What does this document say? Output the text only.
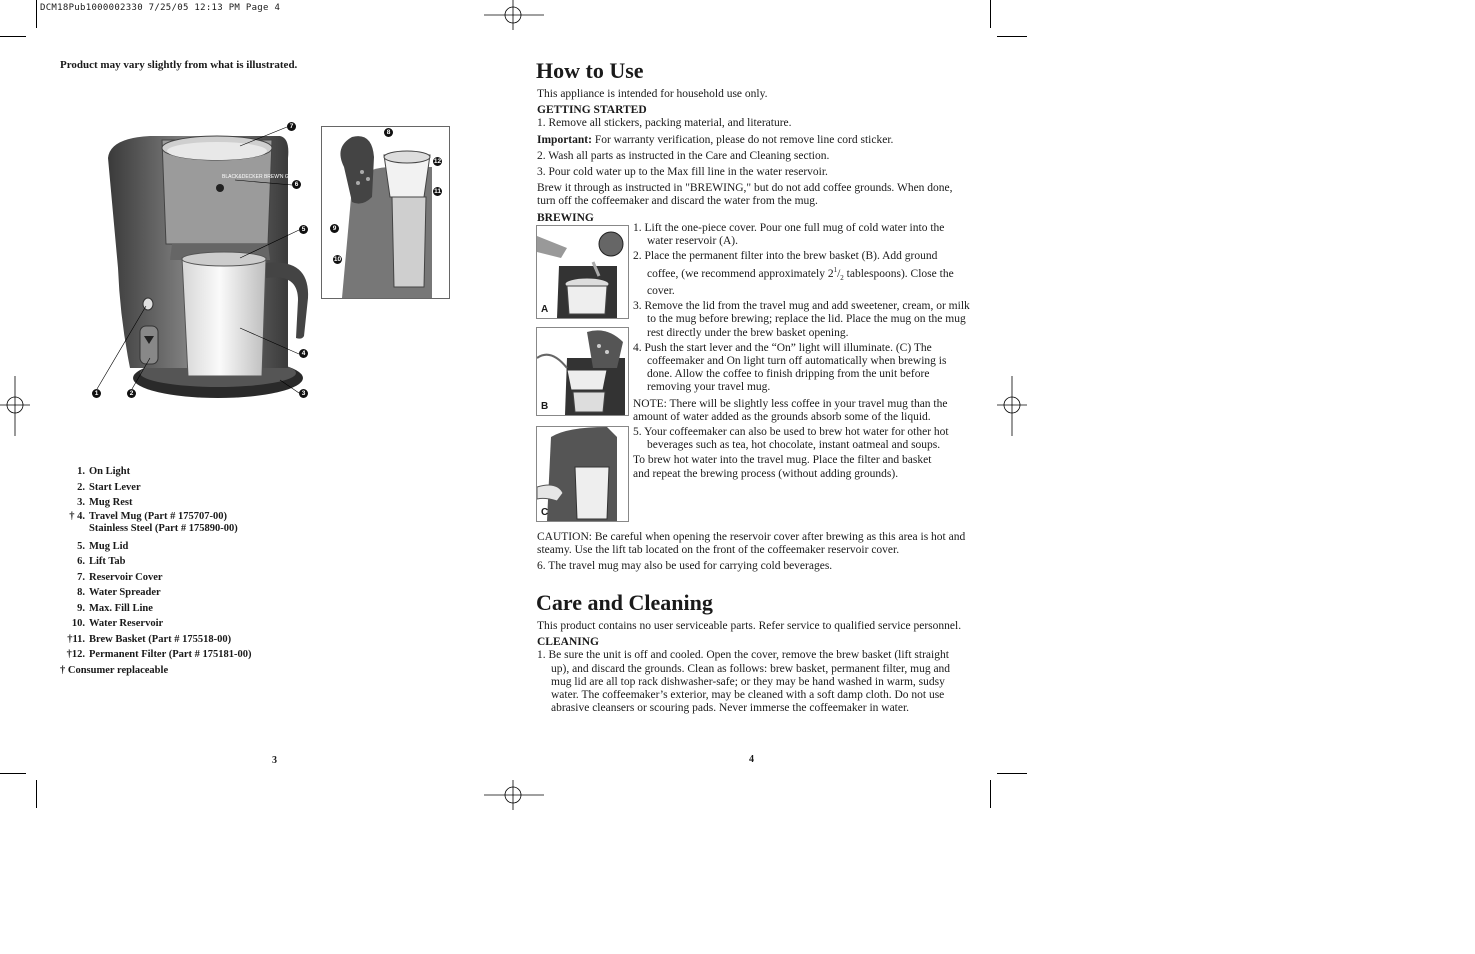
DCM18Pub1000002330 7/25/05 12:13 PM Page 4
Product may vary slightly from what is illustrated.
BLACK&DECKER BREW'N GO
7
6
5
4
3
1	2
8
12
11
9
10
1. On Light
2. Start Lever
3. Mug Rest
† 4. Travel Mug (Part # 175707-00)
Stainless Steel (Part # 175890-00)
5. Mug Lid
6. Lift Tab
7. Reservoir Cover
8. Water Spreader
9. Max. Fill Line
10. Water Reservoir
†11. Brew Basket (Part # 175518-00)
†12. Permanent Filter (Part # 175181-00)
† Consumer replaceable
3
How to Use
This appliance is intended for household use only.
GETTING STARTED
1. Remove all stickers, packing material, and literature.
Important: For warranty verification, please do not remove line cord sticker.
2. Wash all parts as instructed in the Care and Cleaning section.
3. Pour cold water up to the Max fill line in the water reservoir.
Brew it through as instructed in "BREWING," but do not add coffee grounds. When done, turn off the coffeemaker and discard the water from the mug.
BREWING
A
B
C
1. Lift the one-piece cover. Pour one full mug of cold water into the water reservoir (A).
2. Place the permanent filter into the brew basket (B). Add ground coffee, (we recommend approximately $2^1/_2$ tablespoons). Close the cover.
3. Remove the lid from the travel mug and add sweetener, cream, or milk to the mug before brewing; replace the lid. Place the mug on the mug rest directly under the brew basket opening.
4. Push the start lever and the “On” light will illuminate. (C) The coffeemaker and On light turn off automatically when brewing is done. Allow the coffee to finish dripping from the unit before removing your travel mug.
NOTE: There will be slightly less coffee in your travel mug than the amount of water added as the grounds absorb some of the liquid.
5. Your coffeemaker can also be used to brew hot water for other hot beverages such as tea, hot chocolate, instant oatmeal and soups.
To brew hot water into the travel mug. Place the filter and basket and repeat the brewing process (without adding grounds).
CAUTION: Be careful when opening the reservoir cover after brewing as this area is hot and steamy. Use the lift tab located on the front of the coffeemaker reservoir cover.
6. The travel mug may also be used for carrying cold beverages.
Care and Cleaning
This product contains no user serviceable parts. Refer service to qualified service personnel.
CLEANING
1. Be sure the unit is off and cooled. Open the cover, remove the brew basket (lift straight up), and discard the grounds. Clean as follows: brew basket, permanent filter, mug and mug lid are all top rack dishwasher-safe; or they may be hand washed in warm, sudsy water. The coffeemaker’s exterior, may be cleaned with a soft damp cloth. Do not use abrasive cleansers or scouring pads. Never immerse the coffeemaker in water.
4
